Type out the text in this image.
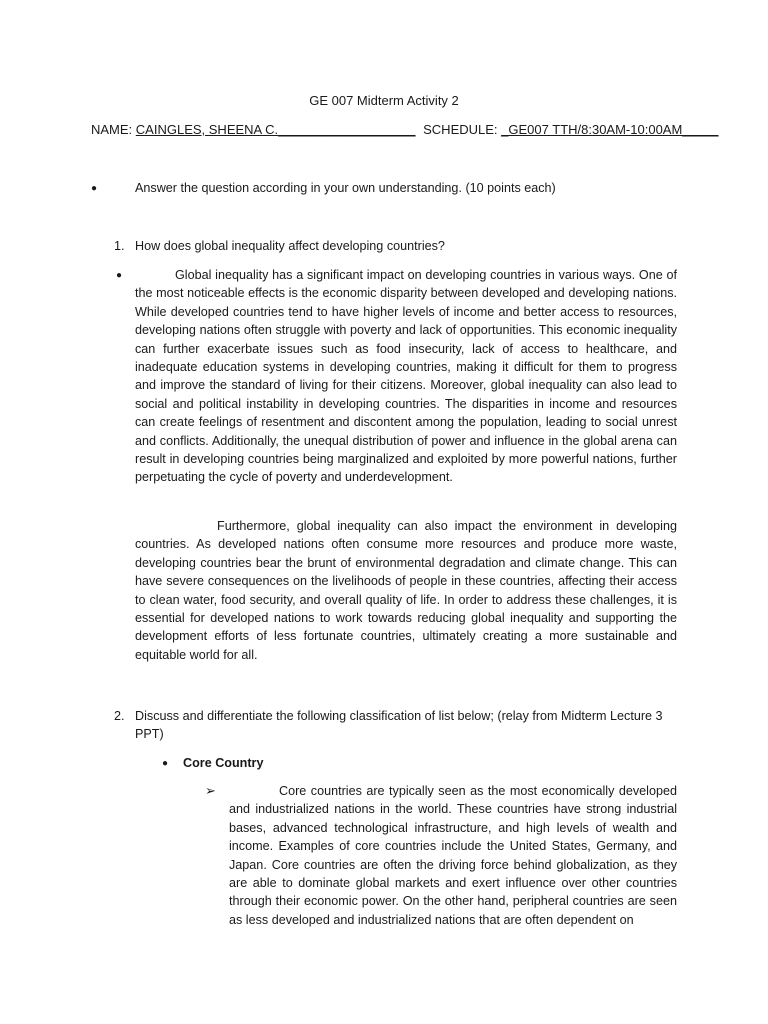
GE 007 Midterm Activity 2
NAME: CAINGLES, SHEENA C.___________________ SCHEDULE: _GE007 TTH/8:30AM-10:00AM_____
●	Answer the question according in your own understanding. (10 points each)
1. How does global inequality affect developing countries?
●	Global inequality has a significant impact on developing countries in various ways. One of the most noticeable effects is the economic disparity between developed and developing nations. While developed countries tend to have higher levels of income and better access to resources, developing nations often struggle with poverty and lack of opportunities. This economic inequality can further exacerbate issues such as food insecurity, lack of access to healthcare, and inadequate education systems in developing countries, making it difficult for them to progress and improve the standard of living for their citizens. Moreover, global inequality can also lead to social and political instability in developing countries. The disparities in income and resources can create feelings of resentment and discontent among the population, leading to social unrest and conflicts. Additionally, the unequal distribution of power and influence in the global arena can result in developing countries being marginalized and exploited by more powerful nations, further perpetuating the cycle of poverty and underdevelopment.
Furthermore, global inequality can also impact the environment in developing countries. As developed nations often consume more resources and produce more waste, developing countries bear the brunt of environmental degradation and climate change. This can have severe consequences on the livelihoods of people in these countries, affecting their access to clean water, food security, and overall quality of life. In order to address these challenges, it is essential for developed nations to work towards reducing global inequality and supporting the development efforts of less fortunate countries, ultimately creating a more sustainable and equitable world for all.
2. Discuss and differentiate the following classification of list below; (relay from Midterm Lecture 3 PPT)
● Core Country
➢	Core countries are typically seen as the most economically developed and industrialized nations in the world. These countries have strong industrial bases, advanced technological infrastructure, and high levels of wealth and income. Examples of core countries include the United States, Germany, and Japan. Core countries are often the driving force behind globalization, as they are able to dominate global markets and exert influence over other countries through their economic power. On the other hand, peripheral countries are seen as less developed and industrialized nations that are often dependent on
